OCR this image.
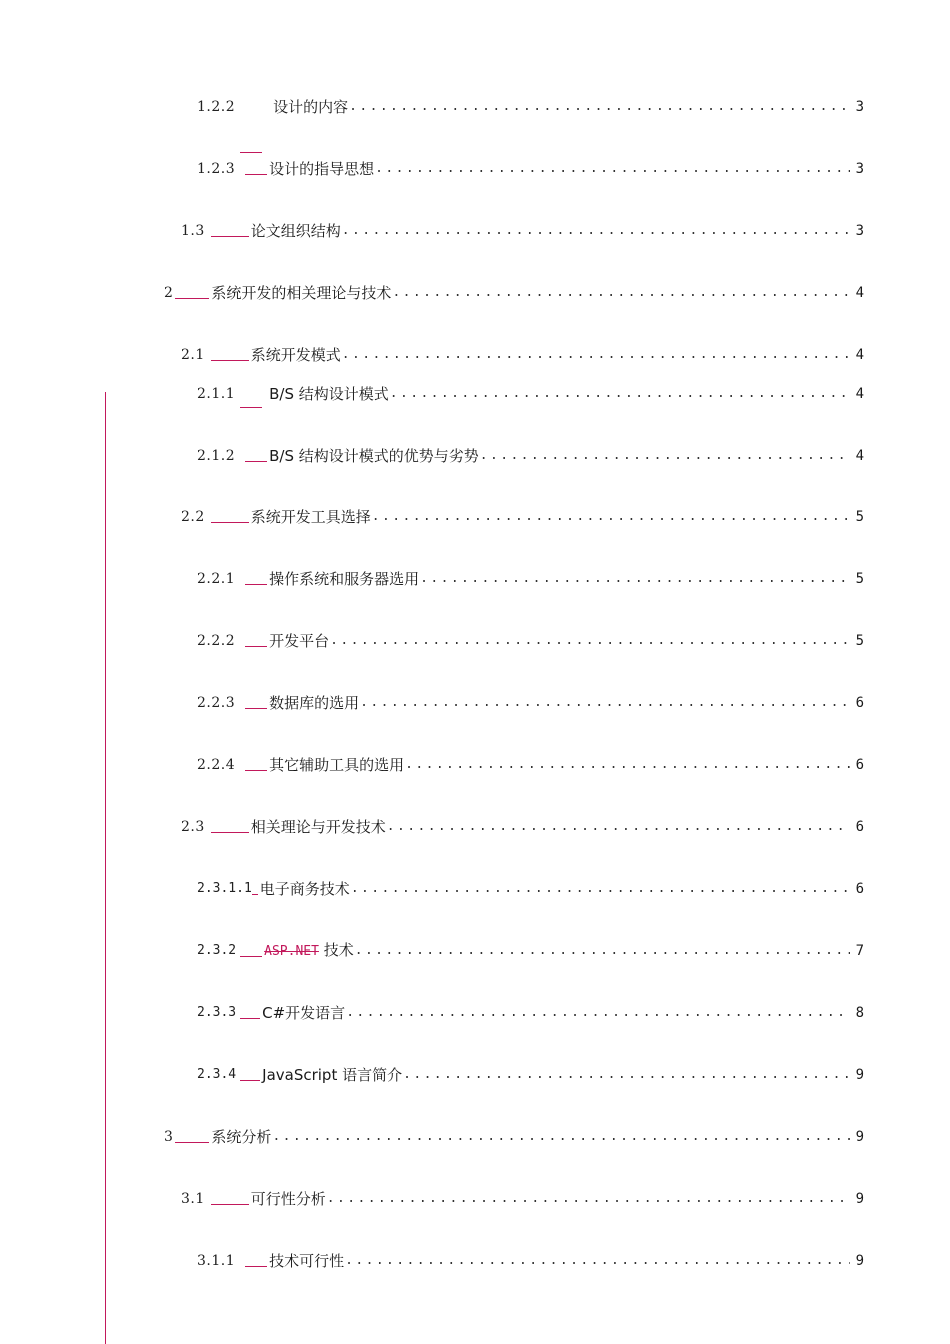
1.2.2	设计的内容 .....	3
1.2.3 设计的指导思想 .....	3
1.3	论文组织结构 .....	3
2	系统开发的相关理论与技术 .....	4
2.1	系统开发模式 .....	4
2.1.1 B/S 结构设计模式 .....	4
2.1.2 B/S 结构设计模式的优势与劣势 .....	4
2.2	系统开发工具选择 .....	5
2.2.1 操作系统和服务器选用 .....	5
2.2.2 开发平台 .....	5
2.2.3 数据库的选用 .....	6
2.2.4 其它辅助工具的选用 .....	6
2.3	相关理论与开发技术 .....	6
2.3.1.1 电子商务技术 .....	6
2.3.2 ASP.NET 技术 .....	7
2.3.3 C#开发语言 .....	8
2.3.4 JavaScript 语言简介 .....	9
3	系统分析 .....	9
3.1	可行性分析 .....	9
3.1.1 技术可行性 .....	9
